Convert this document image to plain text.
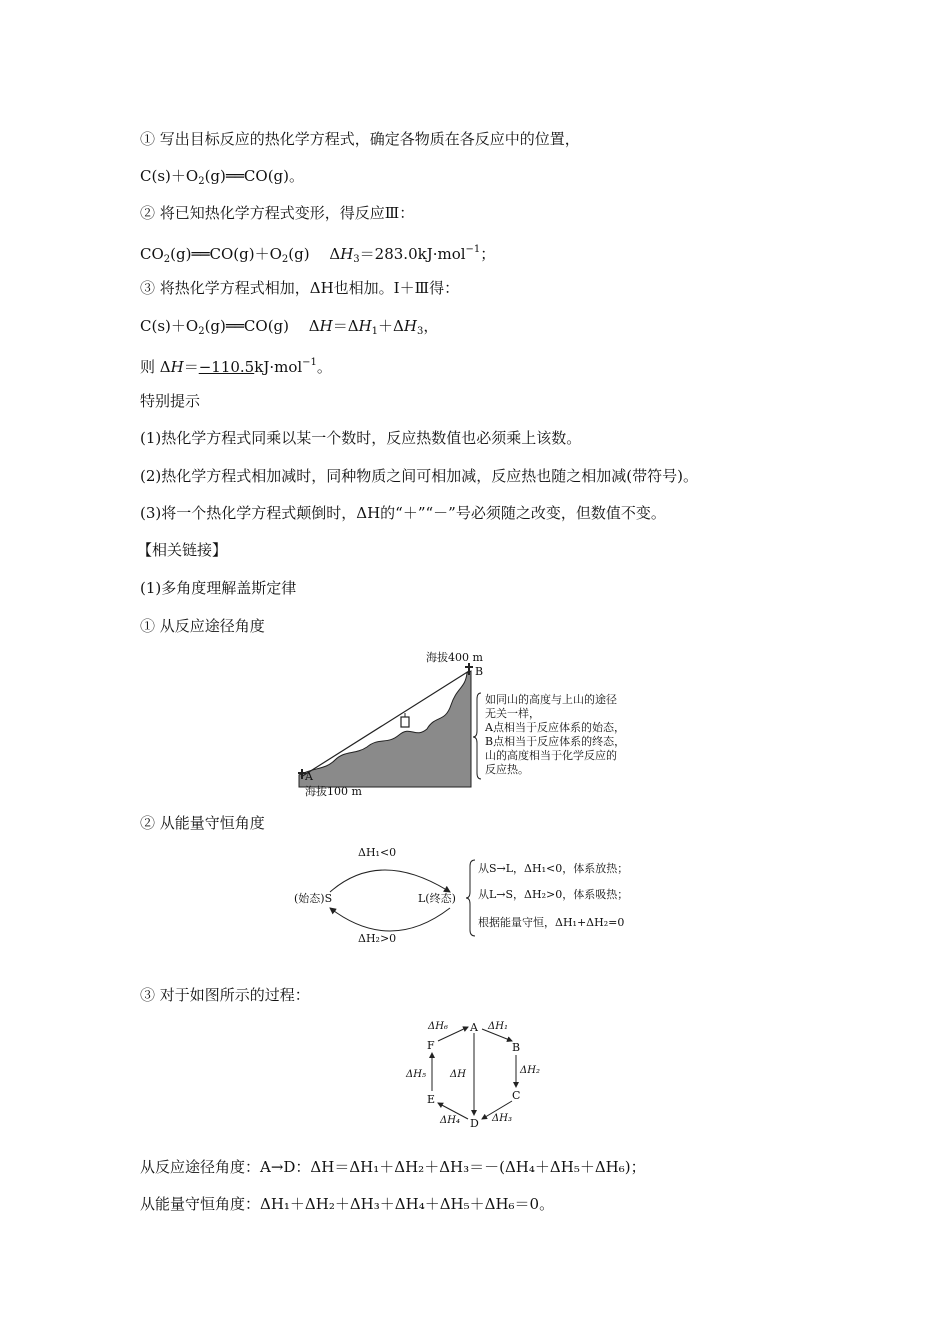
① 写出目标反应的热化学方程式，确定各物质在各反应中的位置，
$C(s)+O_2(g)══CO(g)$。
② 将已知热化学方程式变形，得反应Ⅲ：
$CO_2(g)══CO(g)+O_2(g)$　 $\Delta H_3=283.0kJ\cdot mol^{-1}$；
③ 将热化学方程式相加，ΔH也相加。Ⅰ＋Ⅲ得：
$C(s)+O_2(g)══CO(g)$　 $\Delta H=\Delta H_1+\Delta H_3$，
则 ΔH＝−110.5kJ·mol$^{-1}$。
特别提示
(1)热化学方程式同乘以某一个数时，反应热数值也必须乘上该数。
(2)热化学方程式相加减时，同种物质之间可相加减，反应热也随之相加减(带符号)。
(3)将一个热化学方程式颠倒时，ΔH的“＋”“－”号必须随之改变，但数值不变。
【相关链接】
(1)多角度理解盖斯定律
① 从反应途径角度
海拔400 m
B
A
海拔100 m
如同山的高度与上山的途径
无关一样，
A点相当于反应体系的始态，
B点相当于反应体系的终态，
山的高度相当于化学反应的
反应热。
② 从能量守恒角度
ΔH₁<0
(始态)S	L(终态)
ΔH₂>0
从S→L，ΔH₁<0，体系放热；
从L→S，ΔH₂>0，体系吸热；
根据能量守恒，ΔH₁+ΔH₂=0
③ 对于如图所示的过程：
A
B
C
D
E
F
ΔH₁
ΔH₂
ΔH₃
ΔH₄
ΔH₅
ΔH₆
ΔH
从反应途径角度：A→D：ΔH＝ΔH₁＋ΔH₂＋ΔH₃＝－(ΔH₄＋ΔH₅＋ΔH₆)；
从能量守恒角度：ΔH₁＋ΔH₂＋ΔH₃＋ΔH₄＋ΔH₅＋ΔH₆＝0。
